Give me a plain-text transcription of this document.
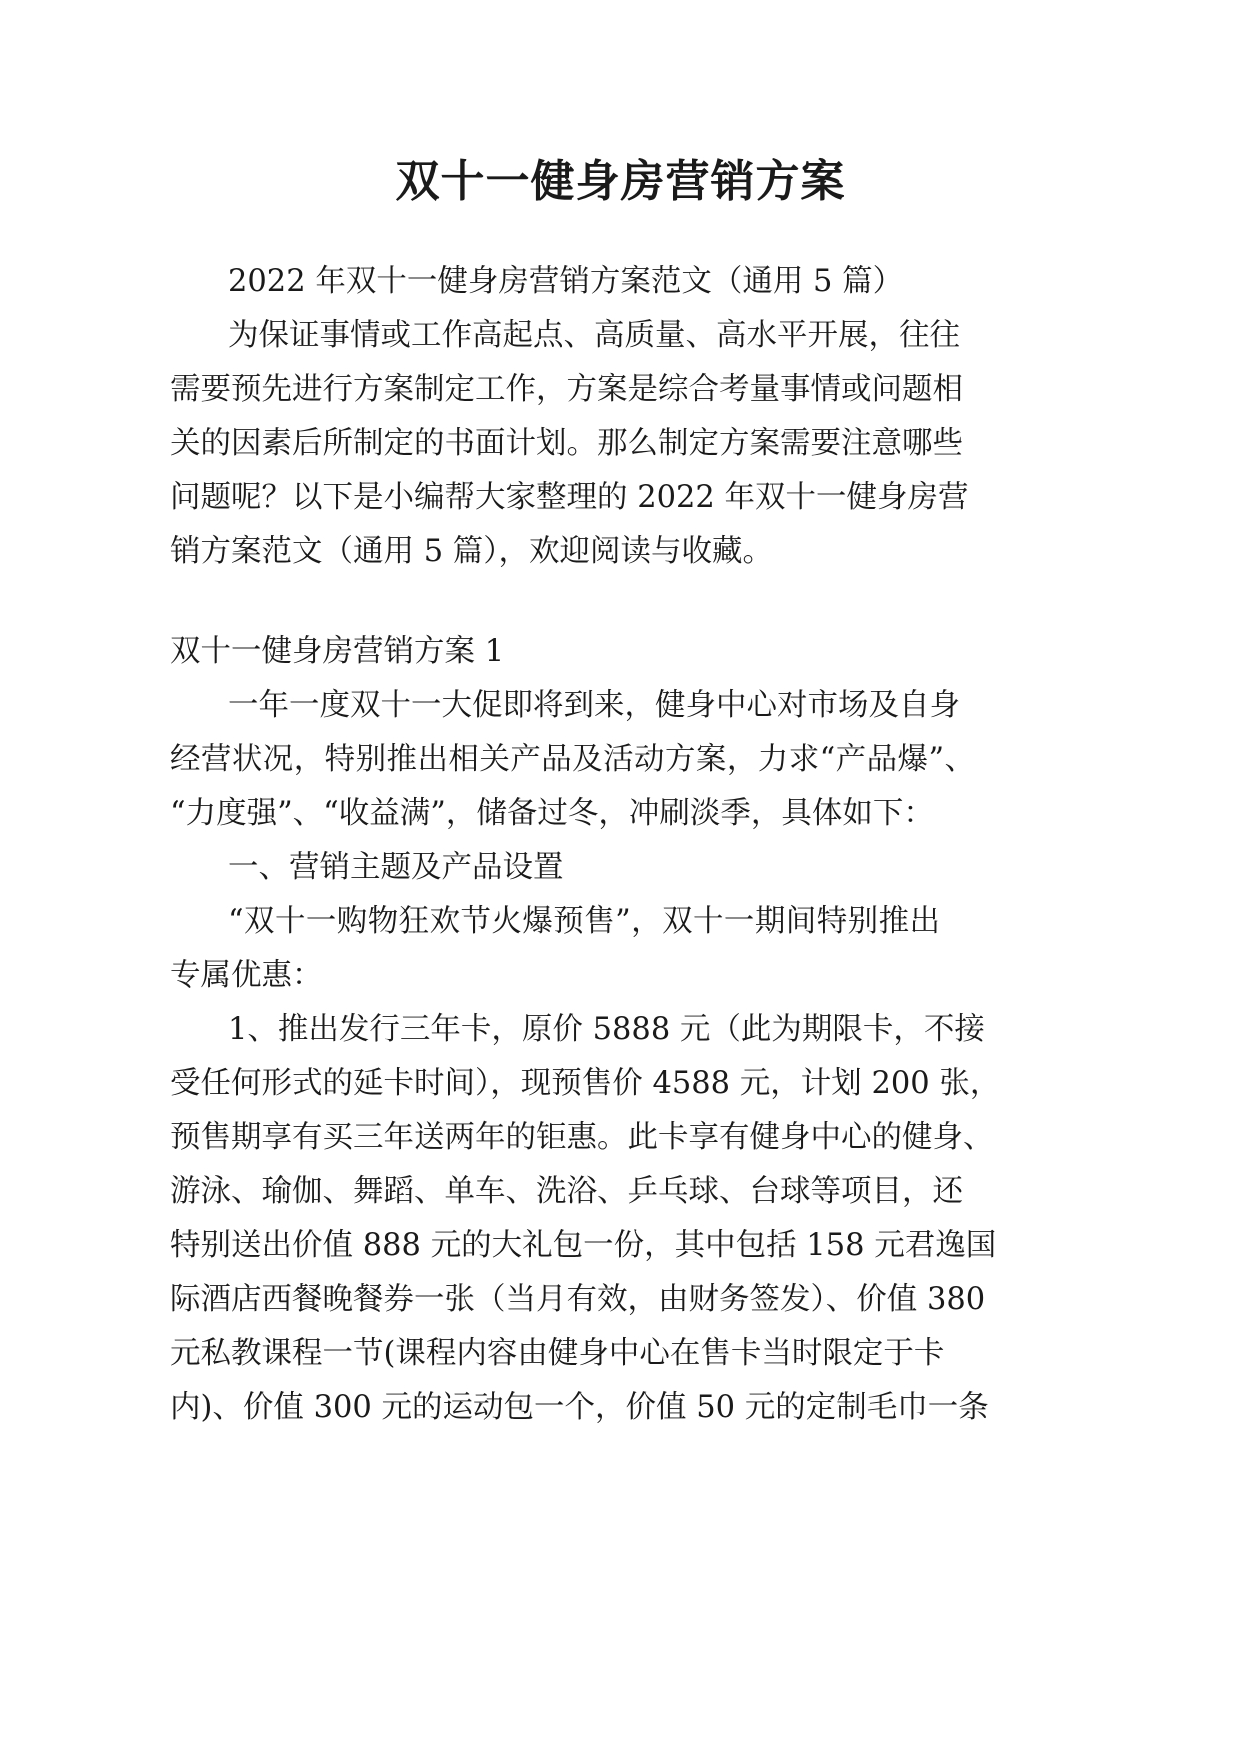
双十一健身房营销方案

2022 年双十一健身房营销方案范文（通用 5 篇）

为保证事情或工作高起点、高质量、高水平开展，往往

需要预先进行方案制定工作，方案是综合考量事情或问题相

关的因素后所制定的书面计划。那么制定方案需要注意哪些

问题呢？以下是小编帮大家整理的 2022 年双十一健身房营

销方案范文（通用 5 篇），欢迎阅读与收藏。

双十一健身房营销方案 1

一年一度双十一大促即将到来，健身中心对市场及自身

经营状况，特别推出相关产品及活动方案，力求“产品爆”、

“力度强”、“收益满”，储备过冬，冲刷淡季，具体如下：

一、营销主题及产品设置

“双十一购物狂欢节火爆预售”，双十一期间特别推出

专属优惠：

1、推出发行三年卡，原价 5888 元（此为期限卡，不接

受任何形式的延卡时间），现预售价 4588 元，计划 200 张，

预售期享有买三年送两年的钜惠。此卡享有健身中心的健身、

游泳、瑜伽、舞蹈、单车、洗浴、乒乓球、台球等项目，还

特别送出价值 888 元的大礼包一份，其中包括 158 元君逸国

际酒店西餐晚餐券一张（当月有效，由财务签发）、价值 380

元私教课程一节(课程内容由健身中心在售卡当时限定于卡

内)、价值 300 元的运动包一个，价值 50 元的定制毛巾一条
